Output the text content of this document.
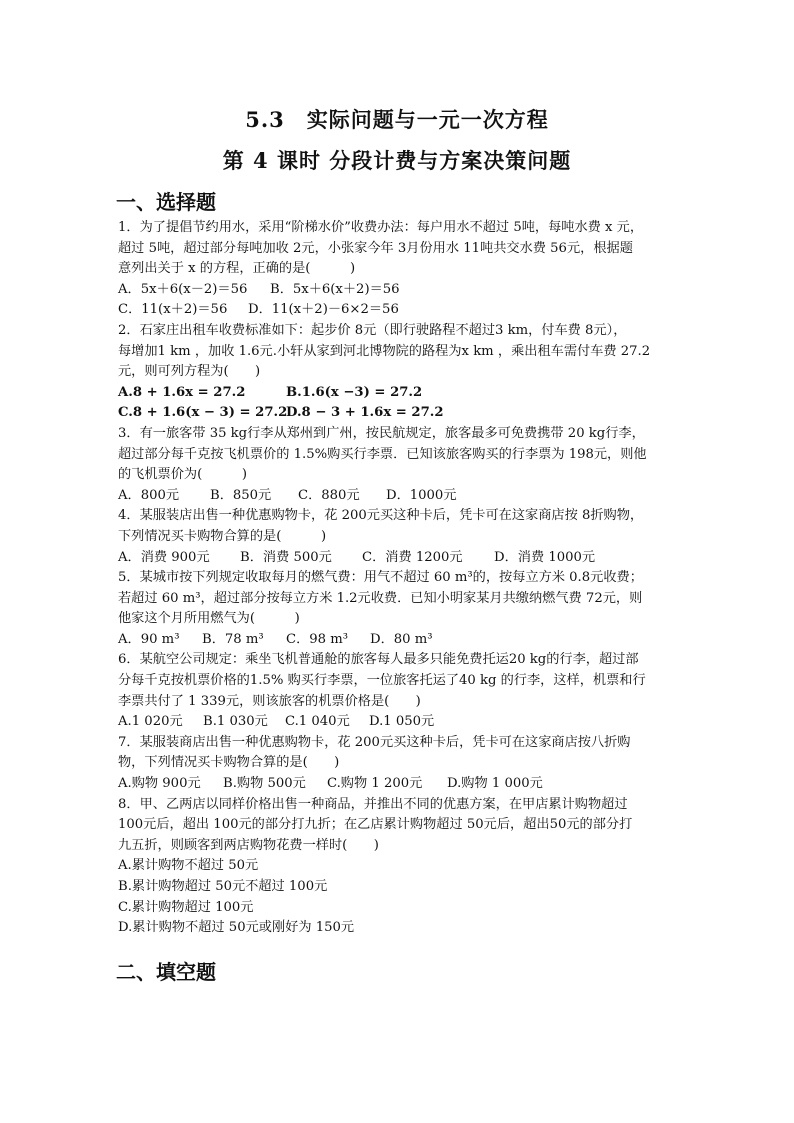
5.3　实际问题与一元一次方程
第 4 课时 分段计费与方案决策问题
一、选择题
1．为了提倡节约用水，采用“阶梯水价”收费办法：每户用水不超过 5吨，每吨水费 x 元，
超过 5吨，超过部分每吨加收 2元，小张家今年 3月份用水 11吨共交水费 56元，根据题
意列出关于 x 的方程，正确的是(　　　)
A．5x＋6(x－2)＝56	B．5x＋6(x＋2)＝56
C．11(x＋2)＝56	D．11(x＋2)－6×2＝56
2．石家庄出租车收费标准如下：起步价 8元（即行驶路程不超过3 km，付车费 8元），
每增加1 km ，加收 1.6元.小轩从家到河北博物院的路程为x km ，乘出租车需付车费 27.2
元，则可列方程为(　　)
A.8 + 1.6x = 27.2	B.1.6(x −3) = 27.2
C.8 + 1.6(x − 3) = 27.2
D.8 − 3 + 1.6x = 27.2
3．有一旅客带 35 kg行李从郑州到广州，按民航规定，旅客最多可免费携带 20 kg行李，
超过部分每千克按飞机票价的 1.5%购买行李票．已知该旅客购买的行李票为 198元，则他
的飞机票价为(　　　)
A．800元	B．850元	C．880元	D．1000元
4．某服装店出售一种优惠购物卡，花 200元买这种卡后，凭卡可在这家商店按 8折购物，
下列情况买卡购物合算的是(　　　)
A．消费 900元	B．消费 500元	C．消费 1200元	D．消费 1000元
5．某城市按下列规定收取每月的燃气费：用气不超过 60 m³的，按每立方米 0.8元收费；
若超过 60 m³，超过部分按每立方米 1.2元收费．已知小明家某月共缴纳燃气费 72元，则
他家这个月所用燃气为(　　　)
A．90 m³	B．78 m³	C．98 m³	D．80 m³
6．某航空公司规定：乘坐飞机普通舱的旅客每人最多只能免费托运20 kg的行李，超过部
分每千克按机票价格的1.5% 购买行李票，一位旅客托运了40 kg 的行李，这样，机票和行
李票共付了 1 339元，则该旅客的机票价格是(　　)
A.1 020元	B.1 030元	C.1 040元	D.1 050元
7．某服装商店出售一种优惠购物卡，花 200元买这种卡后，凭卡可在这家商店按八折购
物，下列情况买卡购物合算的是(　　)
A.购物 900元	B.购物 500元	C.购物 1 200元	D.购物 1 000元
8．甲、乙两店以同样价格出售一种商品，并推出不同的优惠方案，在甲店累计购物超过
100元后，超出 100元的部分打九折；在乙店累计购物超过 50元后，超出50元的部分打
九五折，则顾客到两店购物花费一样时(　　)
A.累计购物不超过 50元
B.累计购物超过 50元不超过 100元
C.累计购物超过 100元
D.累计购物不超过 50元或刚好为 150元
二、填空题
